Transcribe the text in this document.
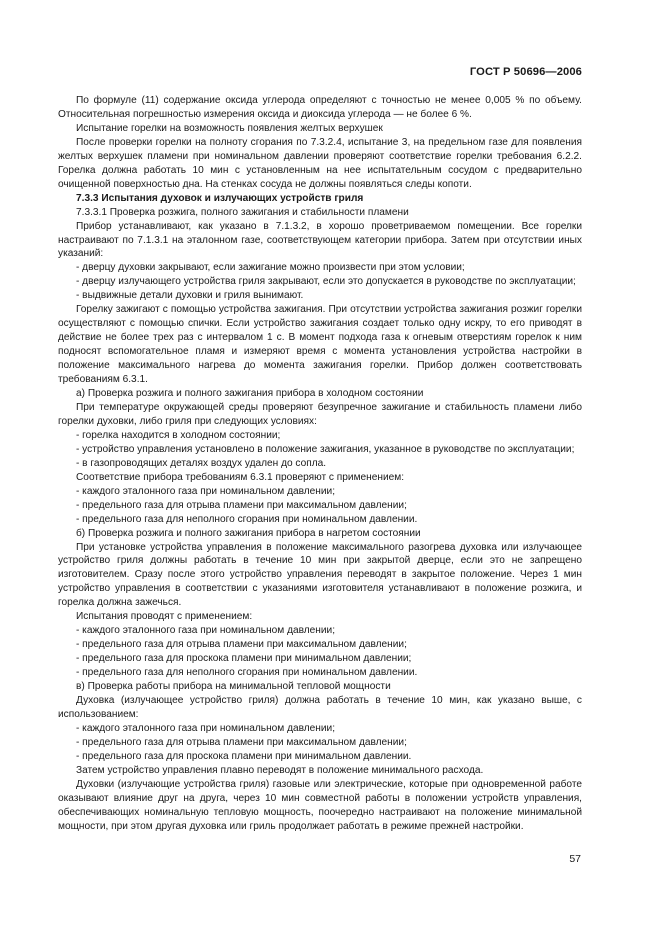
ГОСТ Р 50696—2006

По формуле (11) содержание оксида углерода определяют с точностью не менее 0,005 % по объему. Относительная погрешностью измерения оксида и диоксида углерода — не более 6 %.

Испытание горелки на возможность появления желтых верхушек

После проверки горелки на полноту сгорания по 7.3.2.4, испытание 3, на предельном газе для появления желтых верхушек пламени при номинальном давлении проверяют соответствие горелки требования 6.2.2. Горелка должна работать 10 мин с установленным на нее испытательным сосудом с предварительно очищенной поверхностью дна. На стенках сосуда не должны появляться следы копоти.

7.3.3 Испытания духовок и излучающих устройств гриля

7.3.3.1 Проверка розжига, полного зажигания и стабильности пламени

Прибор устанавливают, как указано в 7.1.3.2, в хорошо проветриваемом помещении. Все горелки настраивают по 7.1.3.1 на эталонном газе, соответствующем категории прибора. Затем при отсутствии иных указаний:

- дверцу духовки закрывают, если зажигание можно произвести при этом условии;

- дверцу излучающего устройства гриля закрывают, если это допускается в руководстве по эксплуатации;

- выдвижные детали духовки и гриля вынимают.

Горелку зажигают с помощью устройства зажигания. При отсутствии устройства зажигания розжиг горелки осуществляют с помощью спички. Если устройство зажигания создает только одну искру, то его приводят в действие не более трех раз с интервалом 1 с. В момент подхода газа к огневым отверстиям горелок к ним подносят вспомогательное пламя и измеряют время с момента установления устройства настройки в положение максимального нагрева до момента зажигания горелки. Прибор должен соответствовать требованиям 6.3.1.

а) Проверка розжига и полного зажигания прибора в холодном состоянии

При температуре окружающей среды проверяют безупречное зажигание и стабильность пламени либо горелки духовки, либо гриля при следующих условиях:

- горелка находится в холодном состоянии;

- устройство управления установлено в положение зажигания, указанное в руководстве по эксплуатации;

- в газопроводящих деталях воздух удален до сопла.

Соответствие прибора требованиям 6.3.1 проверяют с применением:

- каждого эталонного газа при номинальном давлении;

- предельного газа для отрыва пламени при максимальном давлении;

- предельного газа для неполного сгорания при номинальном давлении.

б) Проверка розжига и полного зажигания прибора в нагретом состоянии

При установке устройства управления в положение максимального разогрева духовка или излучающее устройство гриля должны работать в течение 10 мин при закрытой дверце, если это не запрещено изготовителем. Сразу после этого устройство управления переводят в закрытое положение. Через 1 мин устройство управления в соответствии с указаниями изготовителя устанавливают в положение розжига, и горелка должна зажечься.

Испытания проводят с применением:

- каждого эталонного газа при номинальном давлении;

- предельного газа для отрыва пламени при максимальном давлении;

- предельного газа для проскока пламени при минимальном давлении;

- предельного газа для неполного сгорания при номинальном давлении.

в) Проверка работы прибора на минимальной тепловой мощности

Духовка (излучающее устройство гриля) должна работать в течение 10 мин, как указано выше, с использованием:

- каждого эталонного газа при номинальном давлении;

- предельного газа для отрыва пламени при максимальном давлении;

- предельного газа для проскока пламени при минимальном давлении.

Затем устройство управления плавно переводят в положение минимального расхода.

Духовки (излучающие устройства гриля) газовые или электрические, которые при одновременной работе оказывают влияние друг на друга, через 10 мин совместной работы в положении устройств управления, обеспечивающих номинальную тепловую мощность, поочередно настраивают на положение минимальной мощности, при этом другая духовка или гриль продолжает работать в режиме прежней настройки.

57
